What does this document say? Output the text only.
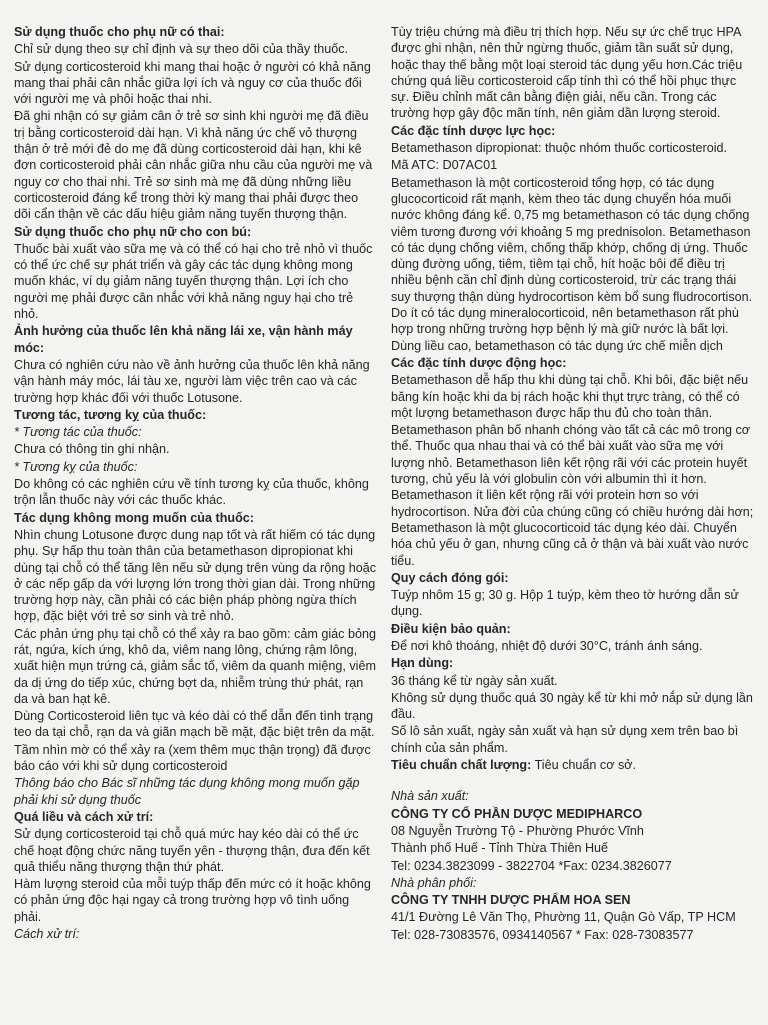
Sử dụng thuốc cho phụ nữ có thai:

Chỉ sử dụng theo sự chỉ định và sự theo dõi của thầy thuốc.

Sử dụng corticosteroid khi mang thai hoặc ở người có khả năng mang thai phải cân nhắc giữa lợi ích và nguy cơ của thuốc đối với người mẹ và phôi hoặc thai nhi.

Đã ghi nhận có sự giảm cân ở trẻ sơ sinh khi người mẹ đã điều trị bằng corticosteroid dài hạn. Vì khả năng ức chế vỏ thượng thận ở trẻ mới đẻ do mẹ đã dùng corticosteroid dài hạn, khi kê đơn corticosteroid phải cân nhắc giữa nhu cầu của người mẹ và nguy cơ cho thai nhi. Trẻ sơ sinh mà mẹ đã dùng những liều corticosteroid đáng kể trong thời kỳ mang thai phải được theo dõi cẩn thận về các dấu hiệu giảm năng tuyến thượng thận.

Sử dụng thuốc cho phụ nữ cho con bú:

Thuốc bài xuất vào sữa mẹ và có thể có hại cho trẻ nhỏ vì thuốc có thể ức chế sự phát triển và gây các tác dụng không mong muốn khác, ví dụ giảm năng tuyến thượng thận. Lợi ích cho người mẹ phải được cân nhắc với khả năng nguy hại cho trẻ nhỏ.

Ảnh hưởng của thuốc lên khả năng lái xe, vận hành máy móc:

Chưa có nghiên cứu nào về ảnh hưởng của thuốc lên khả năng vận hành máy móc, lái tàu xe, người làm việc trên cao và các trường hợp khác đối với thuốc Lotusone.

Tương tác, tương kỵ của thuốc:

* Tương tác của thuốc:

Chưa có thông tin ghi nhận.

* Tương kỵ của thuốc:

Do không có các nghiên cứu về tính tương kỵ của thuốc, không trộn lẫn thuốc này với các thuốc khác.

Tác dụng không mong muốn của thuốc:

Nhìn chung Lotusone được dung nạp tốt và rất hiếm có tác dụng phụ. Sự hấp thu toàn thân của betamethason dipropionat khi dùng tại chỗ có thể tăng lên nếu sử dụng trên vùng da rộng hoặc ở các nếp gấp da với lượng lớn trong thời gian dài. Trong những trường hợp này, cần phải có các biện pháp phòng ngừa thích hợp, đặc biệt với trẻ sơ sinh và trẻ nhỏ.

Các phản ứng phụ tại chỗ có thể xảy ra bao gồm: cảm giác bỏng rát, ngứa, kích ứng, khô da, viêm nang lông, chứng rậm lông, xuất hiện mụn trứng cá, giảm sắc tố, viêm da quanh miệng, viêm da dị ứng do tiếp xúc, chứng bợt da, nhiễm trùng thứ phát, rạn da và ban hạt kê.

Dùng Corticosteroid liên tục và kéo dài có thể dẫn đến tình trạng teo da tại chỗ, rạn da và giãn mạch bề mặt, đặc biệt trên da mặt.

Tầm nhìn mờ có thể xảy ra (xem thêm mục thận trọng) đã được báo cáo với khi sử dụng corticosteroid

Thông báo cho Bác sĩ những tác dụng không mong muốn gặp phải khi sử dụng thuốc

Quá liều và cách xử trí:

Sử dụng corticosteroid tại chỗ quá mức hay kéo dài có thể ức chế hoạt động chức năng tuyến yên - thượng thận, đưa đến kết quả thiểu năng thượng thận thứ phát.

Hàm lượng steroid của mỗi tuýp thấp đến mức có ít hoặc không có phản ứng độc hại ngay cả trong trường hợp vô tình uống phải.

Cách xử trí:

Tùy triệu chứng mà điều trị thích hợp. Nếu sự ức chế trục HPA được ghi nhận, nên thử ngừng thuốc, giảm tần suất sử dụng, hoặc thay thế bằng một loại steroid tác dụng yếu hơn.Các triệu chứng quá liều corticosteroid cấp tính thì có thể hồi phục thực sự. Điều chỉnh mất cân bằng điện giải, nếu cần. Trong các trường hợp gây độc mãn tính, nên giảm dần lượng steroid.

Các đặc tính dược lực học:

Betamethason dipropionat: thuộc nhóm thuốc corticosteroid.

Mã ATC: D07AC01

Betamethason là một corticosteroid tổng hợp, có tác dụng glucocorticoid rất mạnh, kèm theo tác dụng chuyển hóa muối nước không đáng kể. 0,75 mg betamethason có tác dụng chống viêm tương đương với khoảng 5 mg prednisolon. Betamethason có tác dụng chống viêm, chống thấp khớp, chống dị ứng. Thuốc dùng đường uống, tiêm, tiêm tại chỗ, hít hoặc bôi để điều trị nhiều bệnh cần chỉ định dùng corticosteroid, trừ các trạng thái suy thượng thận dùng hydrocortison kèm bổ sung fludrocortison. Do ít có tác dụng mineralocorticoid, nên betamethason rất phù hợp trong những trường hợp bệnh lý mà giữ nước là bất lợi. Dùng liều cao, betamethason có tác dụng ức chế miễn dịch

Các đặc tính dược động học:

Betamethason dễ hấp thu khi dùng tại chỗ. Khi bôi, đặc biệt nếu băng kín hoặc khi da bị rách hoặc khi thụt trực tràng, có thể có một lượng betamethason được hấp thu đủ cho toàn thân.

Betamethason phân bố nhanh chóng vào tất cả các mô trong cơ thể. Thuốc qua nhau thai và có thể bài xuất vào sữa mẹ với lượng nhỏ. Betamethason liên kết rộng rãi với các protein huyết tương, chủ yếu là với globulin còn với albumin thì ít hơn. Betamethason ít liên kết rộng rãi với protein hơn so với hydrocortison. Nửa đời của chúng cũng có chiều hướng dài hơn; Betamethason là một glucocorticoid tác dụng kéo dài. Chuyển hóa chủ yếu ở gan, nhưng cũng cả ở thận và bài xuất vào nước tiểu.

Quy cách đóng gói:

Tuýp nhôm 15 g; 30 g. Hộp 1 tuýp, kèm theo tờ hướng dẫn sử dụng.

Điều kiện bảo quản:

Để nơi khô thoáng, nhiệt độ dưới 30°C, tránh ánh sáng.

Hạn dùng:

36 tháng kể từ ngày sản xuất.

Không sử dụng thuốc quá 30 ngày kể từ khi mở nắp sử dụng lần đầu.

Số lô sản xuất, ngày sản xuất và hạn sử dụng xem trên bao bì chính của sản phẩm.

Tiêu chuẩn chất lượng: Tiêu chuẩn cơ sở.

Nhà sản xuất:

CÔNG TY CỔ PHẦN DƯỢC MEDIPHARCO

08 Nguyễn Trường Tộ - Phường Phước Vĩnh

Thành phố Huế - Tỉnh Thừa Thiên Huế

Tel: 0234.3823099 - 3822704 *Fax: 0234.3826077

Nhà phân phối:

CÔNG TY TNHH DƯỢC PHẨM HOA SEN

41/1 Đường Lê Văn Thọ, Phường 11, Quận Gò Vấp, TP HCM

Tel: 028-73083576, 0934140567 * Fax: 028-73083577
